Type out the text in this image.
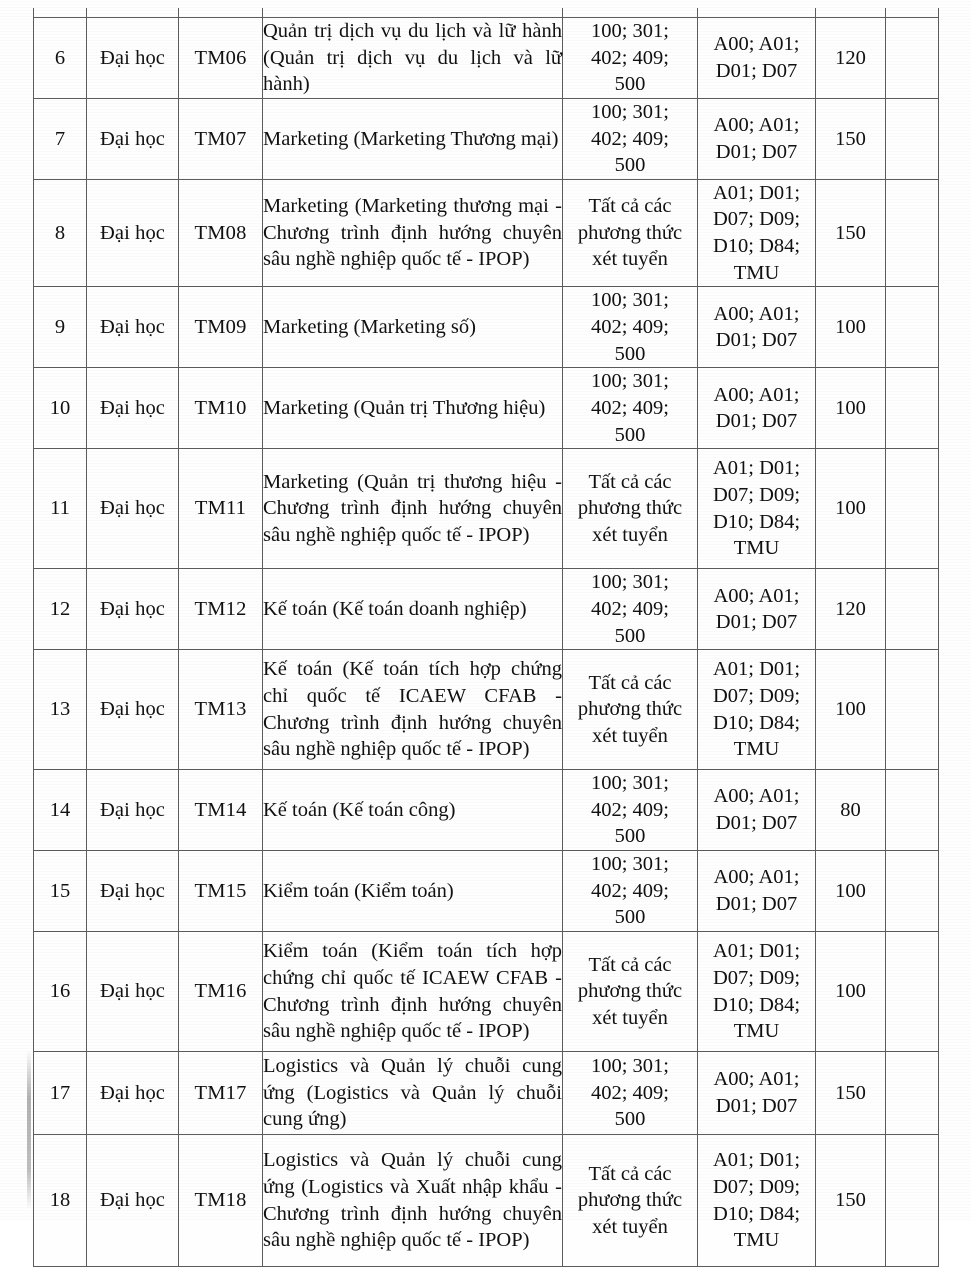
6	Đại học	TM06	Quản trị dịch vụ du lịch và lữ hành (Quản trị dịch vụ du lịch và lữ hành)	100; 301;
402; 409;
500	A00; A01;
D01; D07	120	
7	Đại học	TM07	Marketing (Marketing Thương mại)	100; 301;
402; 409;
500	A00; A01;
D01; D07	150	
8	Đại học	TM08	Marketing (Marketing thương mại - Chương trình định hướng chuyên sâu nghề nghiệp quốc tế - IPOP)	Tất cả các
phương thức
xét tuyển	A01; D01;
D07; D09;
D10; D84;
TMU	150	
9	Đại học	TM09	Marketing (Marketing số)	100; 301;
402; 409;
500	A00; A01;
D01; D07	100	
10	Đại học	TM10	Marketing (Quản trị Thương hiệu)	100; 301;
402; 409;
500	A00; A01;
D01; D07	100	
11	Đại học	TM11	Marketing (Quản trị thương hiệu - Chương trình định hướng chuyên sâu nghề nghiệp quốc tế - IPOP)	Tất cả các
phương thức
xét tuyển	A01; D01;
D07; D09;
D10; D84;
TMU	100	
12	Đại học	TM12	Kế toán (Kế toán doanh nghiệp)	100; 301;
402; 409;
500	A00; A01;
D01; D07	120	
13	Đại học	TM13	Kế toán (Kế toán tích hợp chứng chỉ quốc tế ICAEW CFAB - Chương trình định hướng chuyên sâu nghề nghiệp quốc tế - IPOP)	Tất cả các
phương thức
xét tuyển	A01; D01;
D07; D09;
D10; D84;
TMU	100	
14	Đại học	TM14	Kế toán (Kế toán công)	100; 301;
402; 409;
500	A00; A01;
D01; D07	80	
15	Đại học	TM15	Kiểm toán (Kiểm toán)	100; 301;
402; 409;
500	A00; A01;
D01; D07	100	
16	Đại học	TM16	Kiểm toán (Kiểm toán tích hợp chứng chỉ quốc tế ICAEW CFAB - Chương trình định hướng chuyên sâu nghề nghiệp quốc tế - IPOP)	Tất cả các
phương thức
xét tuyển	A01; D01;
D07; D09;
D10; D84;
TMU	100	
17	Đại học	TM17	Logistics và Quản lý chuỗi cung ứng (Logistics và Quản lý chuỗi cung ứng)	100; 301;
402; 409;
500	A00; A01;
D01; D07	150	
18	Đại học	TM18	Logistics và Quản lý chuỗi cung ứng (Logistics và Xuất nhập khẩu - Chương trình định hướng chuyên sâu nghề nghiệp quốc tế - IPOP)	Tất cả các
phương thức
xét tuyển	A01; D01;
D07; D09;
D10; D84;
TMU	150	
